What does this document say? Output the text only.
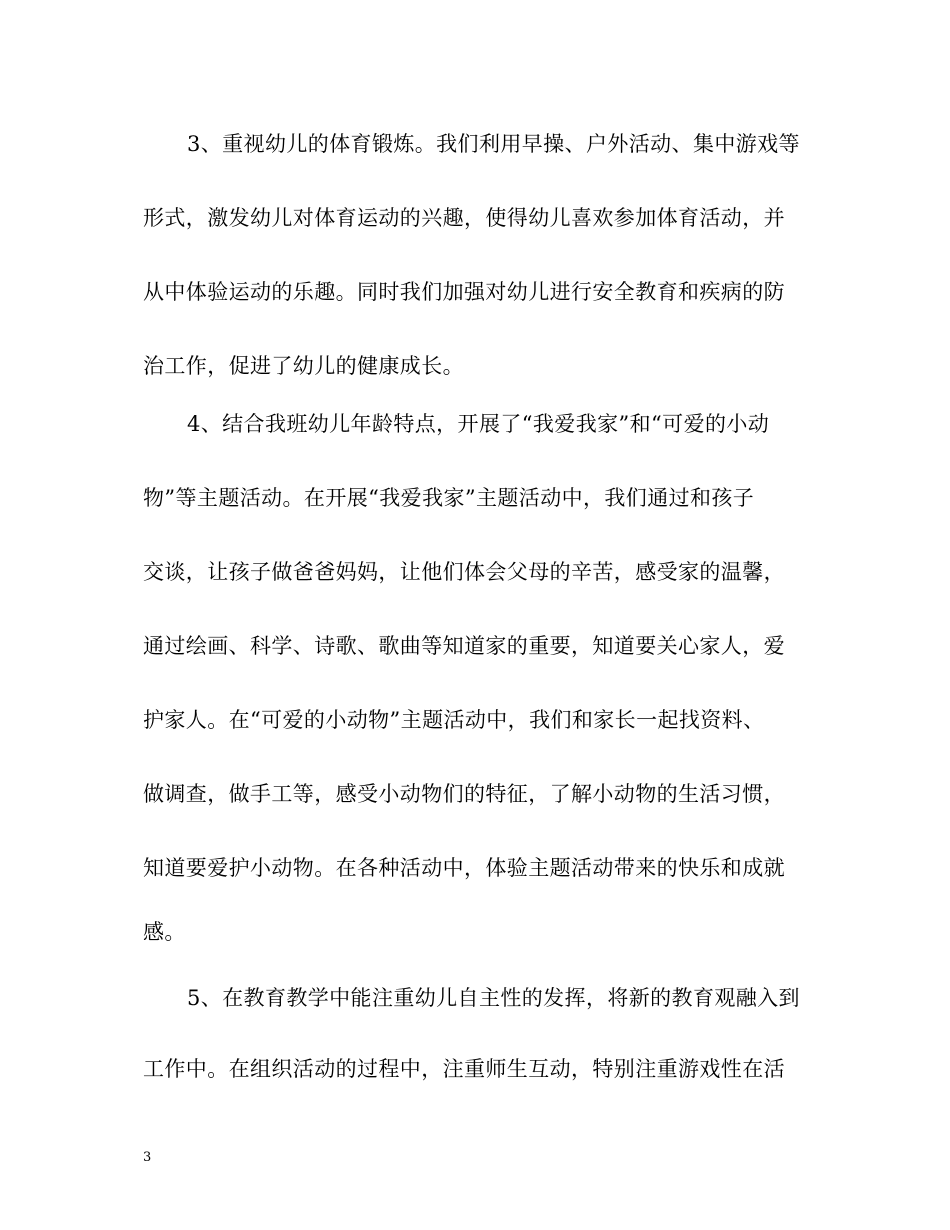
3、重视幼儿的体育锻炼。我们利用早操、户外活动、集中游戏等
形式，激发幼儿对体育运动的兴趣，使得幼儿喜欢参加体育活动，并
从中体验运动的乐趣。同时我们加强对幼儿进行安全教育和疾病的防
治工作，促进了幼儿的健康成长。
4、结合我班幼儿年龄特点，开展了“我爱我家”和“可爱的小动
物”等主题活动。在开展“我爱我家”主题活动中，我们通过和孩子
交谈，让孩子做爸爸妈妈，让他们体会父母的辛苦，感受家的温馨，
通过绘画、科学、诗歌、歌曲等知道家的重要，知道要关心家人，爱
护家人。在“可爱的小动物”主题活动中，我们和家长一起找资料、
做调查，做手工等，感受小动物们的特征，了解小动物的生活习惯，
知道要爱护小动物。在各种活动中，体验主题活动带来的快乐和成就
感。
5、在教育教学中能注重幼儿自主性的发挥，将新的教育观融入到
工作中。在组织活动的过程中，注重师生互动，特别注重游戏性在活
3
